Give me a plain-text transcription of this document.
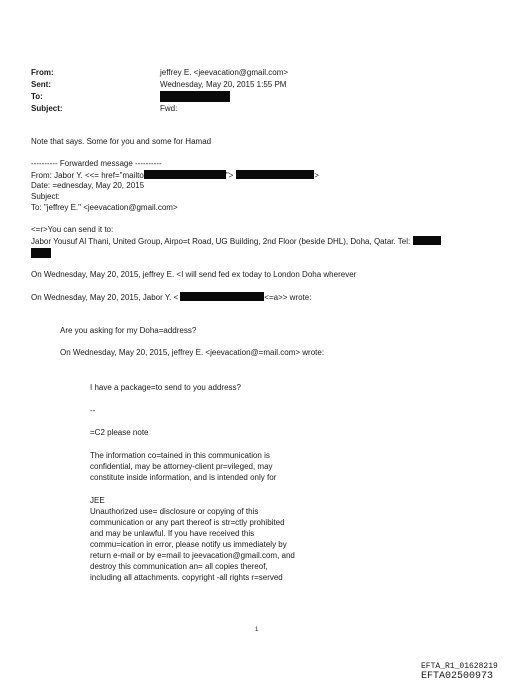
From:	jeffrey E. <jeevacation@gmail.com>
Sent:	Wednesday, May 20, 2015 1:55 PM
To:
Subject:	Fwd:
Note that says. Some for you and some for Hamad
---------- Forwarded message ----------
From: Jabor Y. <<= href="mailto	">	>
Date: =ednesday, May 20, 2015
Subject:
To: "jeffrey E." <jeevacation@gmail.com>
<=r>You can send it to:
Jabor Yousuf Al Thani, United Group, Airpo=t Road, UG Building, 2nd Floor (beside DHL), Doha, Qatar. Tel:
On Wednesday, May 20, 2015, jeffrey E. <I will send fed ex today to London Doha wherever
On Wednesday, May 20, 2015, Jabor Y. <	<=a>> wrote:
Are you asking for my Doha=address?
On Wednesday, May 20, 2015, jeffrey E. <jeevacation@=mail.com> wrote:
I have a package=to send to you address?
--
=C2 please note
The information co=tained in this communication is
confidential, may be attorney-client pr=vileged, may
constitute inside information, and is intended only for
JEE
Unauthorized use= disclosure or copying of this
communication or any part thereof is str=ctly prohibited
and may be unlawful. If you have received this
commu=ication in error, please notify us immediately by
return e-mail or by e=mail to jeevacation@gmail.com, and
destroy this communication an= all copies thereof,
including all attachments. copyright -all rights r=served
1
EFTA_R1_01628219
EFTA02500973
